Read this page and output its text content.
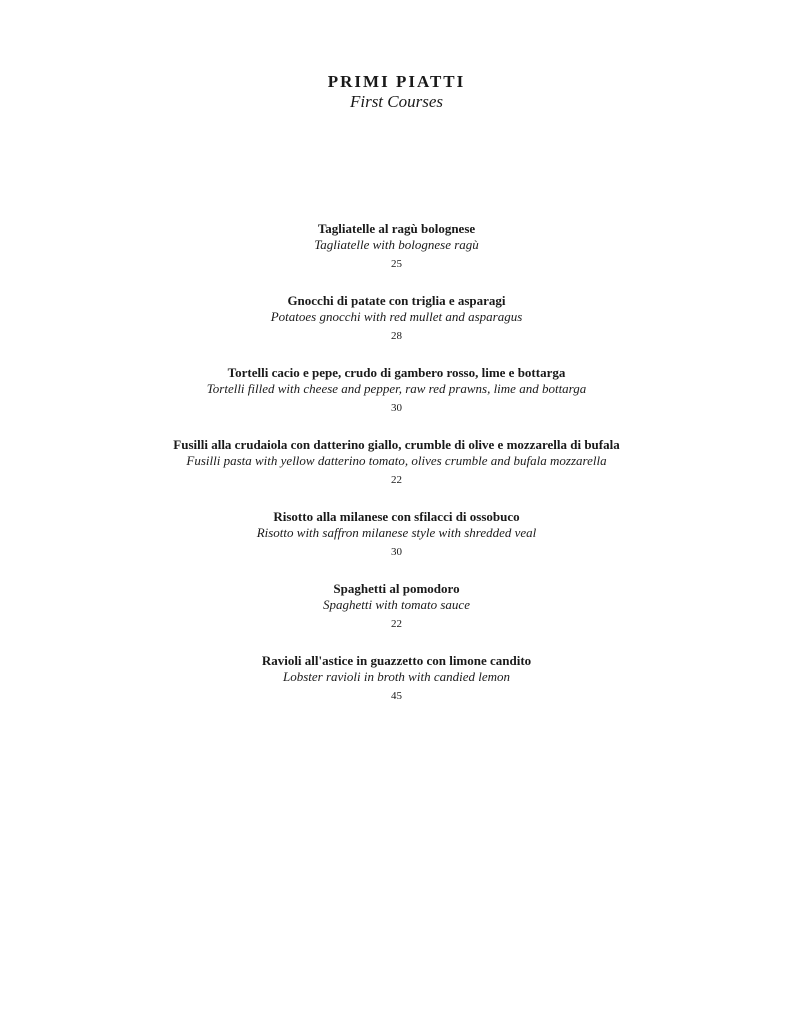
PRIMI PIATTI
First Courses
Tagliatelle al ragù bolognese
Tagliatelle with bolognese ragù
25
Gnocchi di patate con triglia e asparagi
Potatoes gnocchi with red mullet and asparagus
28
Tortelli cacio e pepe, crudo di gambero rosso, lime e bottarga
Tortelli filled with cheese and pepper, raw red prawns, lime and bottarga
30
Fusilli alla crudaiola con datterino giallo, crumble di olive e mozzarella di bufala
Fusilli pasta with yellow datterino tomato, olives crumble and bufala mozzarella
22
Risotto alla milanese con sfilacci di ossobuco
Risotto with saffron milanese style with shredded veal
30
Spaghetti al pomodoro
Spaghetti with tomato sauce
22
Ravioli all'astice in guazzetto con limone candito
Lobster ravioli in broth with candied lemon
45
